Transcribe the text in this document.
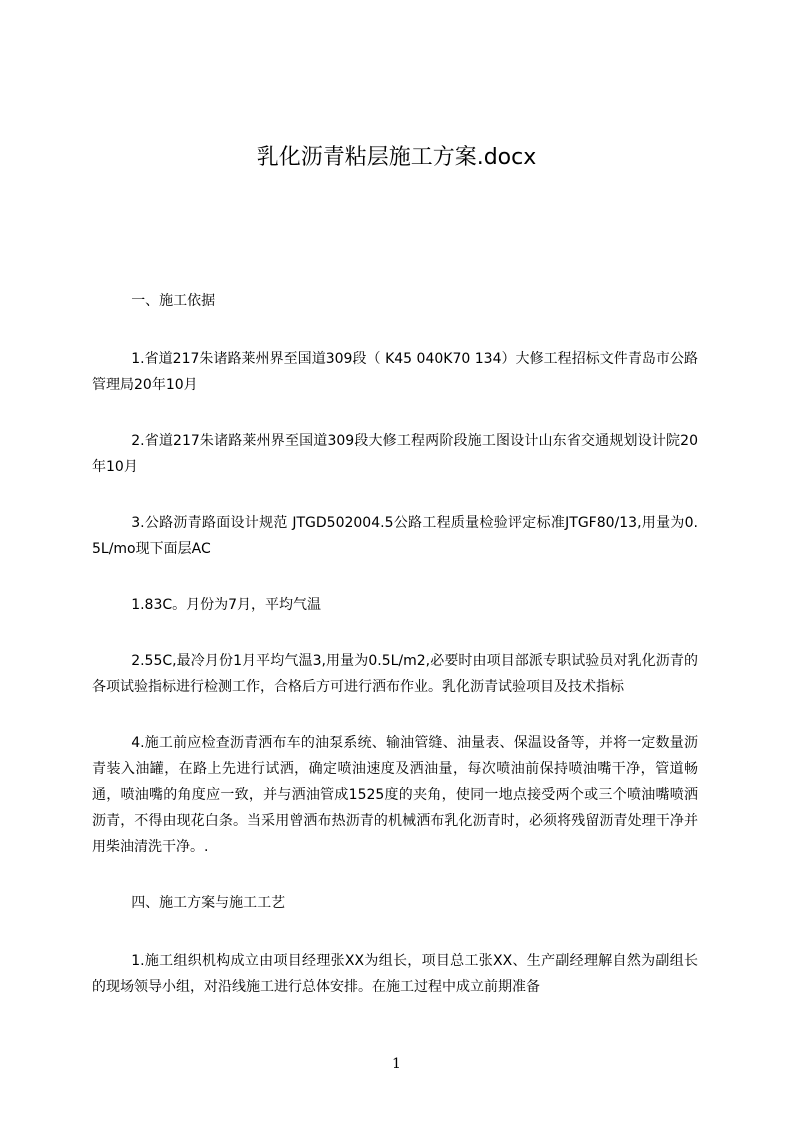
乳化沥青粘层施工方案.docx

一、施工依据

1.省道217朱诸路莱州界至国道309段（ K45 040K70 134）大修工程招标文件青岛市公路管理局20年10月

2.省道217朱诸路莱州界至国道309段大修工程两阶段施工图设计山东省交通规划设计院20年10月

3.公路沥青路面设计规范 JTGD502004.5公路工程质量检验评定标准JTGF80/13,用量为0.5L/mo现下面层AC

1.83C。月份为7月，平均气温

2.55C,最冷月份1月平均气温3,用量为0.5L/m2,必要时由项目部派专职试验员对乳化沥青的各项试验指标进行检测工作，合格后方可进行洒布作业。乳化沥青试验项目及技术指标

4.施工前应检查沥青洒布车的油泵系统、输油管缝、油量表、保温设备等，并将一定数量沥青装入油罐，在路上先进行试洒，确定喷油速度及洒油量，每次喷油前保持喷油嘴干净，管道畅通，喷油嘴的角度应一致，并与洒油管成1525度的夹角，使同一地点接受两个或三个喷油嘴喷洒沥青，不得由现花白条。当采用曾洒布热沥青的机械洒布乳化沥青时，必须将残留沥青处理干净并用柴油清洗干净。.

四、施工方案与施工工艺

1.施工组织机构成立由项目经理张XX为组长，项目总工张XX、生产副经理解自然为副组长的现场领导小组，对沿线施工进行总体安排。在施工过程中成立前期准备

1
